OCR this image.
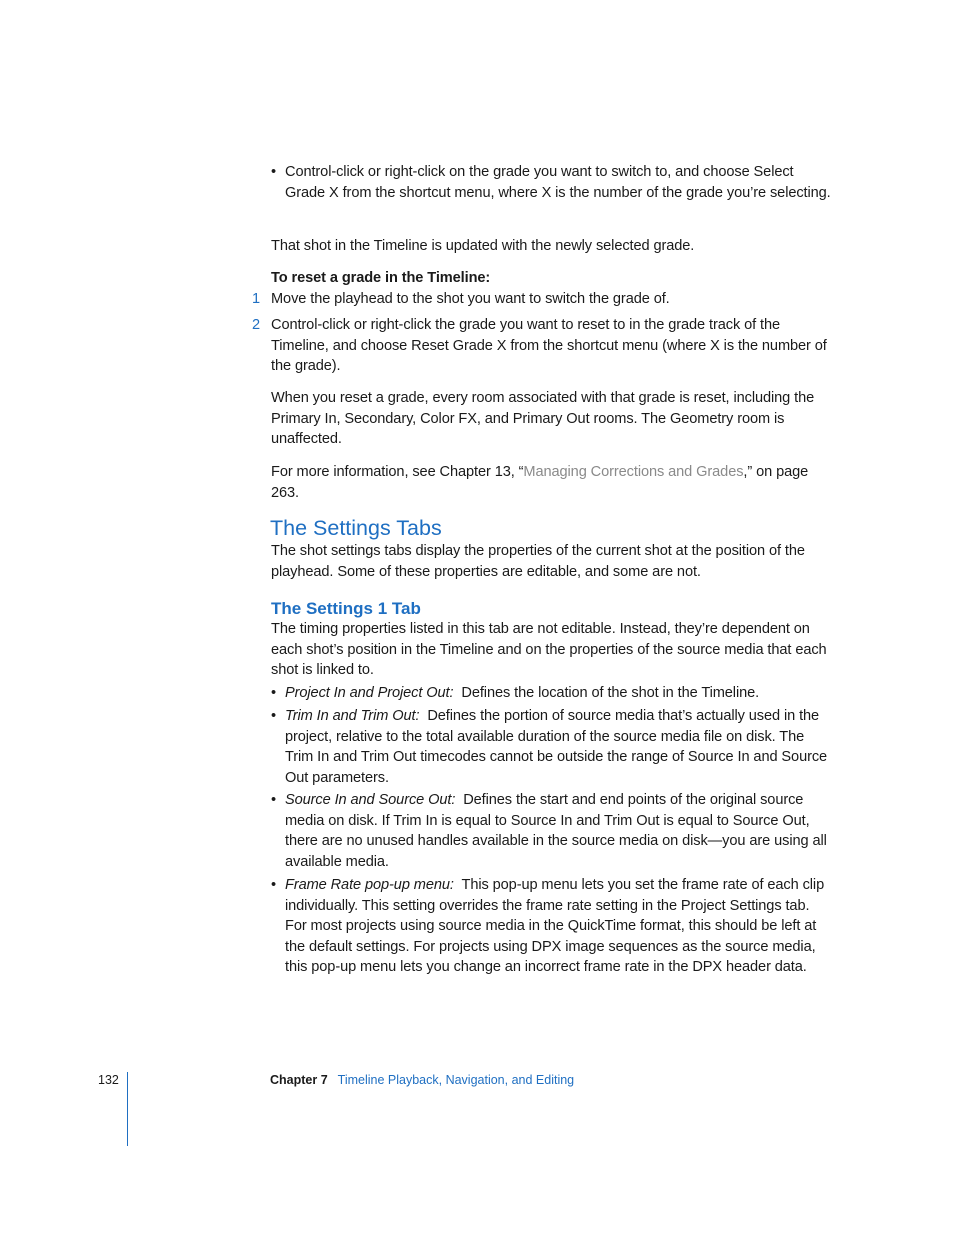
• Control-click or right-click on the grade you want to switch to, and choose Select Grade X from the shortcut menu, where X is the number of the grade you’re selecting.
That shot in the Timeline is updated with the newly selected grade.
To reset a grade in the Timeline:
1 Move the playhead to the shot you want to switch the grade of.
2 Control-click or right-click the grade you want to reset to in the grade track of the Timeline, and choose Reset Grade X from the shortcut menu (where X is the number of the grade).
When you reset a grade, every room associated with that grade is reset, including the Primary In, Secondary, Color FX, and Primary Out rooms. The Geometry room is unaffected.
For more information, see Chapter 13, “Managing Corrections and Grades,” on page 263.
The Settings Tabs
The shot settings tabs display the properties of the current shot at the position of the playhead. Some of these properties are editable, and some are not.
The Settings 1 Tab
The timing properties listed in this tab are not editable. Instead, they’re dependent on each shot’s position in the Timeline and on the properties of the source media that each shot is linked to.
• Project In and Project Out: Defines the location of the shot in the Timeline.
• Trim In and Trim Out: Defines the portion of source media that’s actually used in the project, relative to the total available duration of the source media file on disk. The Trim In and Trim Out timecodes cannot be outside the range of Source In and Source Out parameters.
• Source In and Source Out: Defines the start and end points of the original source media on disk. If Trim In is equal to Source In and Trim Out is equal to Source Out, there are no unused handles available in the source media on disk—you are using all available media.
• Frame Rate pop-up menu: This pop-up menu lets you set the frame rate of each clip individually. This setting overrides the frame rate setting in the Project Settings tab. For most projects using source media in the QuickTime format, this should be left at the default settings. For projects using DPX image sequences as the source media, this pop-up menu lets you change an incorrect frame rate in the DPX header data.
132	Chapter 7 Timeline Playback, Navigation, and Editing
